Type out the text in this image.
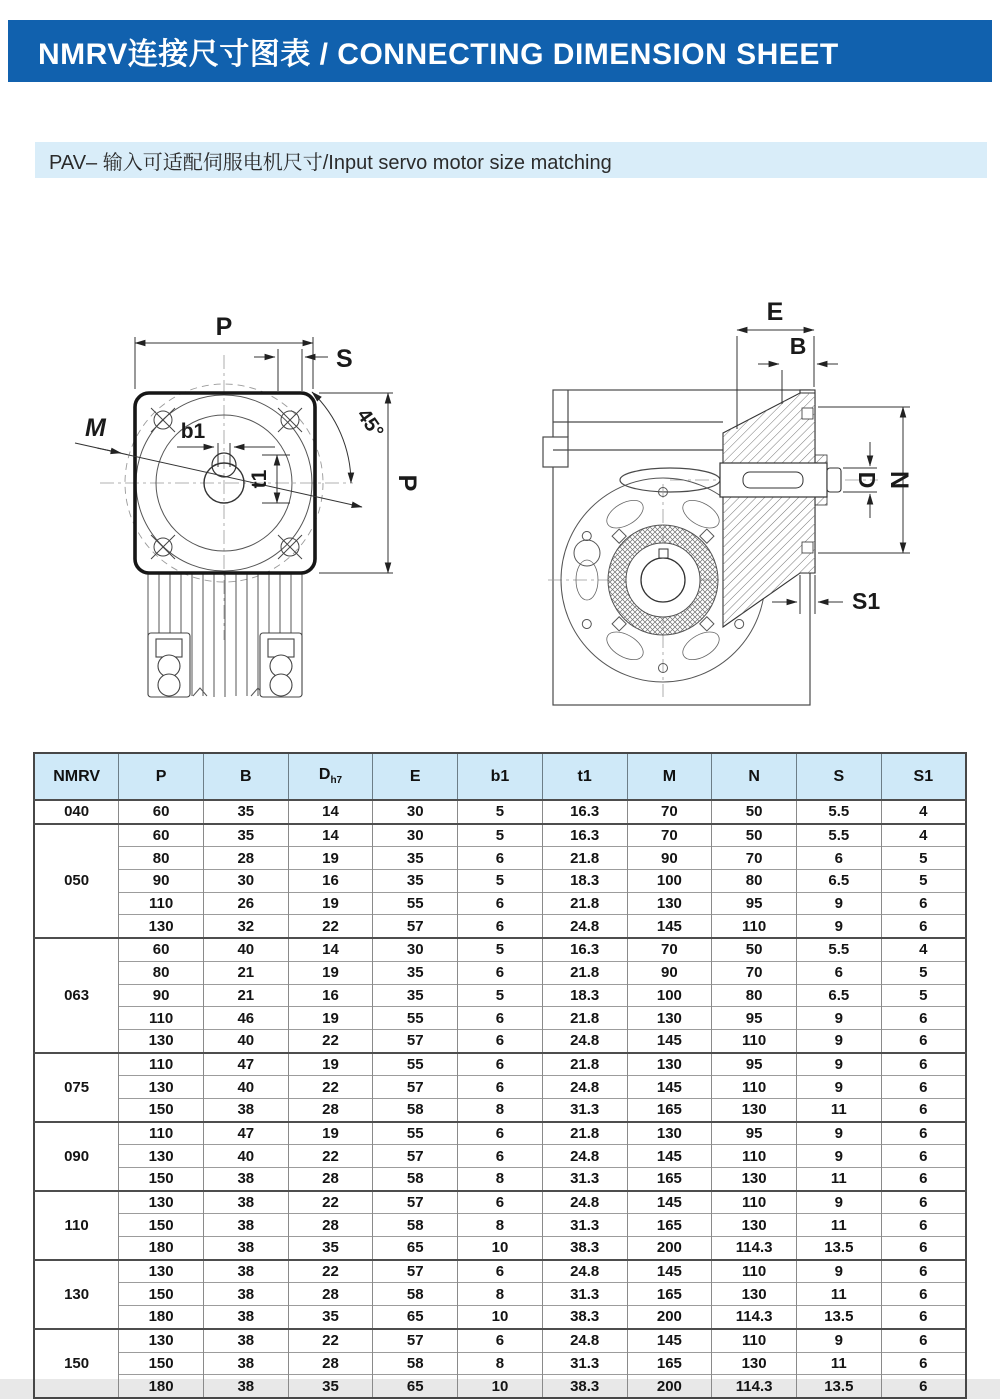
NMRV连接尺寸图表 / CONNECTING DIMENSION SHEET
PAV– 输入可适配伺服电机尺寸/Input servo motor size matching
P
S
45°
P
M	b1
t1
E
B
D N
S1
NMRV	P	B	$D_{h7}$	E	b1	t1	M	N	S	S1
040	60	35	14	30	5	16.3	70	50	5.5	4
050	60	35	14	30	5	16.3	70	50	5.5	4
	80	28	19	35	6	21.8	90	70	6	5
	90	30	16	35	5	18.3	100	80	6.5	5
	110	26	19	55	6	21.8	130	95	9	6
	130	32	22	57	6	24.8	145	110	9	6
063	60	40	14	30	5	16.3	70	50	5.5	4
	80	21	19	35	6	21.8	90	70	6	5
	90	21	16	35	5	18.3	100	80	6.5	5
	110	46	19	55	6	21.8	130	95	9	6
	130	40	22	57	6	24.8	145	110	9	6
075	110	47	19	55	6	21.8	130	95	9	6
	130	40	22	57	6	24.8	145	110	9	6
	150	38	28	58	8	31.3	165	130	11	6
090	110	47	19	55	6	21.8	130	95	9	6
	130	40	22	57	6	24.8	145	110	9	6
	150	38	28	58	8	31.3	165	130	11	6
110	130	38	22	57	6	24.8	145	110	9	6
	150	38	28	58	8	31.3	165	130	11	6
	180	38	35	65	10	38.3	200	114.3	13.5	6
130	130	38	22	57	6	24.8	145	110	9	6
	150	38	28	58	8	31.3	165	130	11	6
	180	38	35	65	10	38.3	200	114.3	13.5	6
150	130	38	22	57	6	24.8	145	110	9	6
	150	38	28	58	8	31.3	165	130	11	6
	180	38	35	65	10	38.3	200	114.3	13.5	6
